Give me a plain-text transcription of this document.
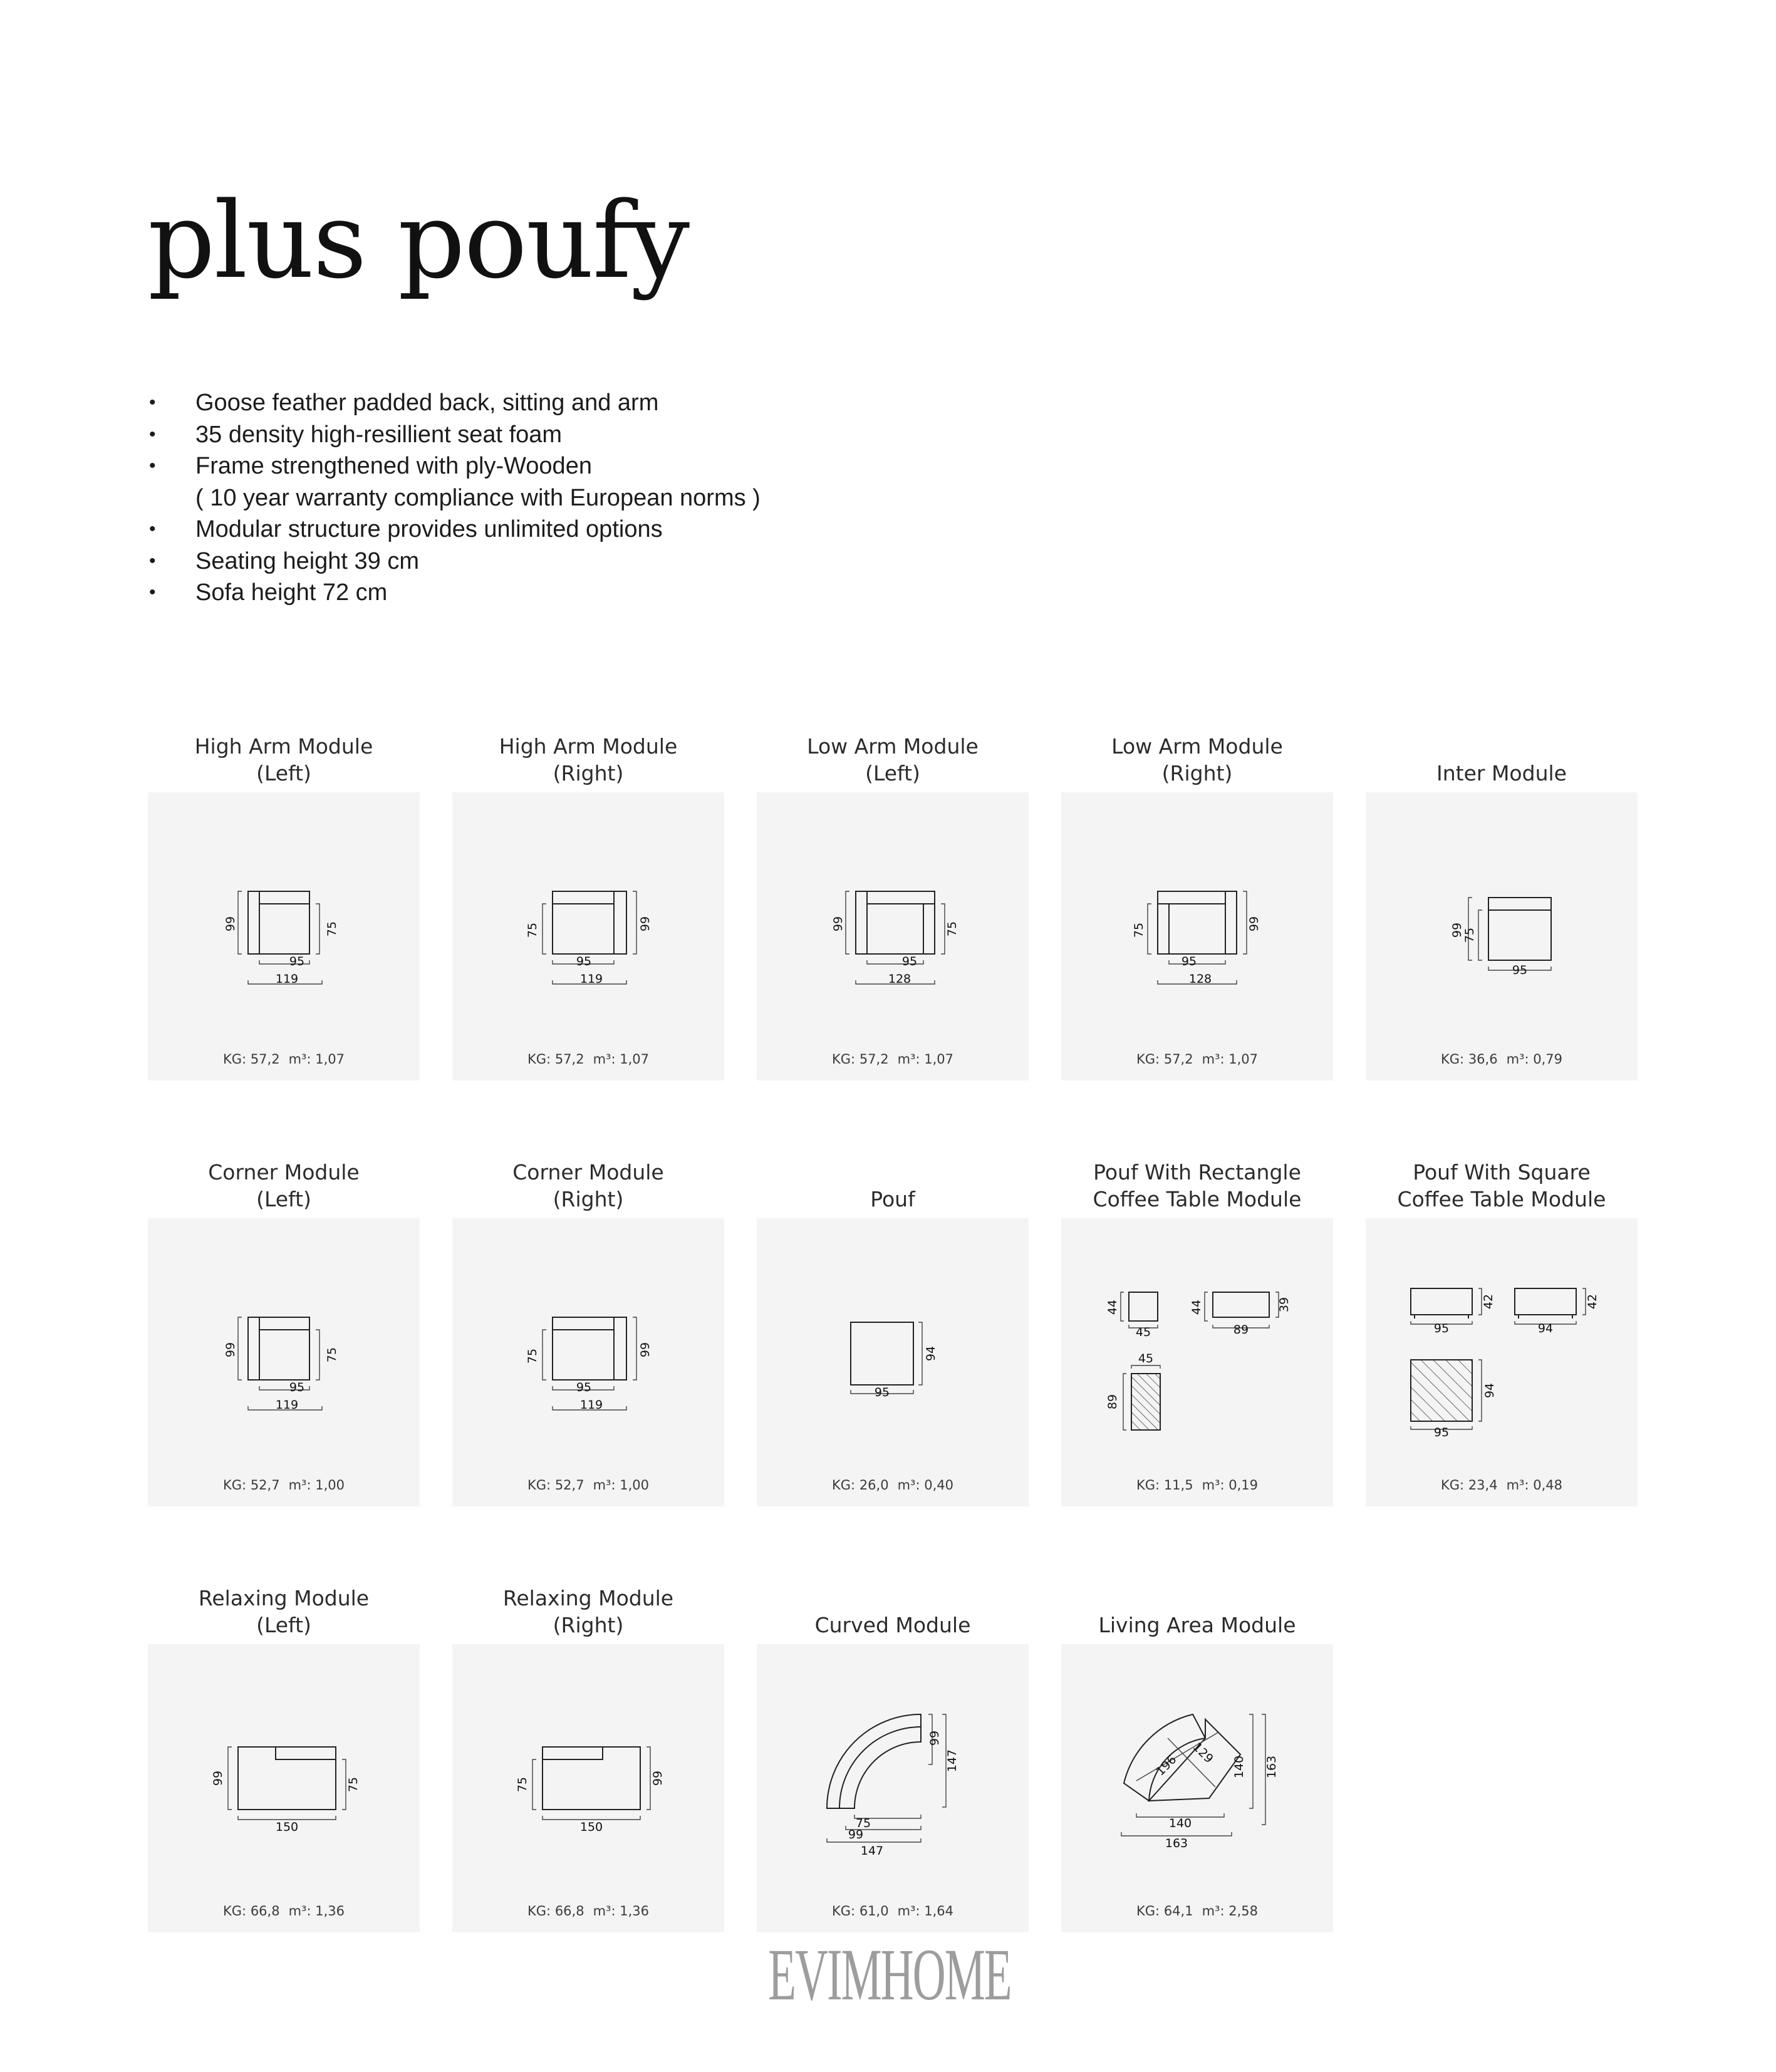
plus poufy
• Goose feather padded back, sitting and arm
• 35 density high-resillient seat foam
• Frame strengthened with ply-Wooden
( 10 year warranty compliance with European norms )
• Modular structure provides unlimited options
• Seating height 39 cm
• Sofa height 72 cm
High Arm Module
(Left)
99	75
95
119
KG: 57,2 m³: 1,07
High Arm Module
(Right)
75	99
95
119
KG: 57,2 m³: 1,07
Low Arm Module
(Left)
99	75
95
128
KG: 57,2 m³: 1,07
Low Arm Module
(Right)
75	99
95
128
KG: 57,2 m³: 1,07

Inter Module
99
75
95
KG: 36,6 m³: 0,79
Corner Module
(Left)
99	75
95
119
KG: 52,7 m³: 1,00
Corner Module
(Right)
75	99
95
119
KG: 52,7 m³: 1,00

Pouf
94
95
KG: 26,0 m³: 0,40
Pouf With Rectangle
Coffee Table Module
44
45
44
89
39
45
89
KG: 11,5 m³: 0,19
Pouf With Square
Coffee Table Module
95
42
94
42
94
95
KG: 23,4 m³: 0,48
Relaxing Module
(Left)
99	75
150
KG: 66,8 m³: 1,36
Relaxing Module
(Right)
75	99
150
KG: 66,8 m³: 1,36

Curved Module
99
147
75
99
147
KG: 61,0 m³: 1,64

Living Area Module
196 129
140 163
140
163
KG: 64,1 m³: 2,58
EVIMHOME
